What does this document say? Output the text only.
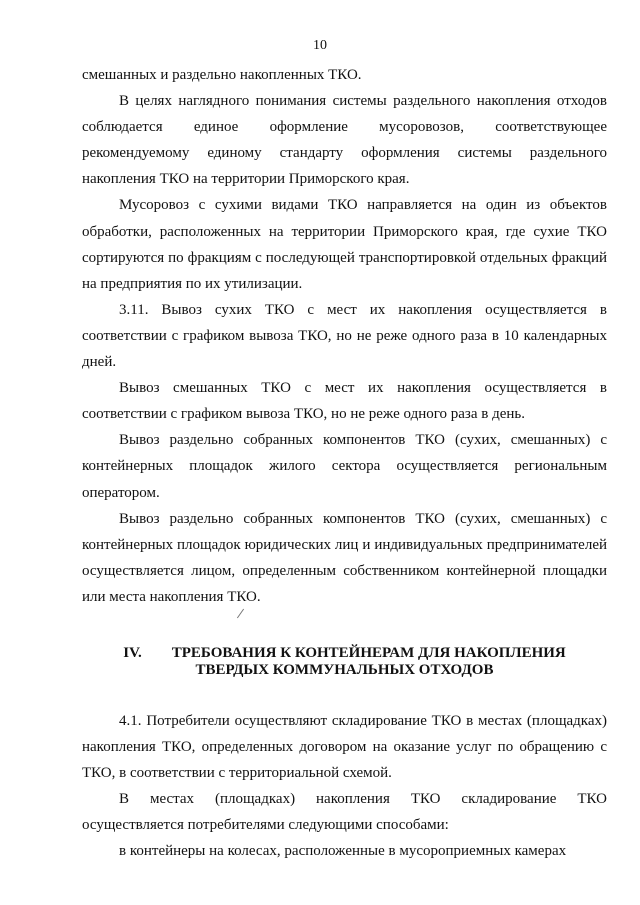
10

смешанных и раздельно накопленных ТКО.

В целях наглядного понимания системы раздельного накопления отходов соблюдается единое оформление мусоровозов, соответствующее рекомендуемому единому стандарту оформления системы раздельного накопления ТКО на территории Приморского края.

Мусоровоз с сухими видами ТКО направляется на один из объектов обработки, расположенных на территории Приморского края, где сухие ТКО сортируются по фракциям с последующей транспортировкой отдельных фракций на предприятия по их утилизации.

3.11. Вывоз сухих ТКО с мест их накопления осуществляется в соответствии с графиком вывоза ТКО, но не реже одного раза в 10 календарных дней.

Вывоз смешанных ТКО с мест их накопления осуществляется в соответствии с графиком вывоза ТКО, но не реже одного раза в день.

Вывоз раздельно собранных компонентов ТКО (сухих, смешанных) с контейнерных площадок жилого сектора осуществляется региональным оператором.

Вывоз раздельно собранных компонентов ТКО (сухих, смешанных) с контейнерных площадок юридических лиц и индивидуальных предпринимателей осуществляется лицом, определенным собственником контейнерной площадки или места накопления ТКО.

IV. ТРЕБОВАНИЯ К КОНТЕЙНЕРАМ ДЛЯ НАКОПЛЕНИЯ
ТВЕРДЫХ КОММУНАЛЬНЫХ ОТХОДОВ

4.1. Потребители осуществляют складирование ТКО в местах (площадках) накопления ТКО, определенных договором на оказание услуг по обращению с ТКО, в соответствии с территориальной схемой.

В местах (площадках) накопления ТКО складирование ТКО осуществляется потребителями следующими способами:

в контейнеры на колесах, расположенные в мусороприемных камерах
